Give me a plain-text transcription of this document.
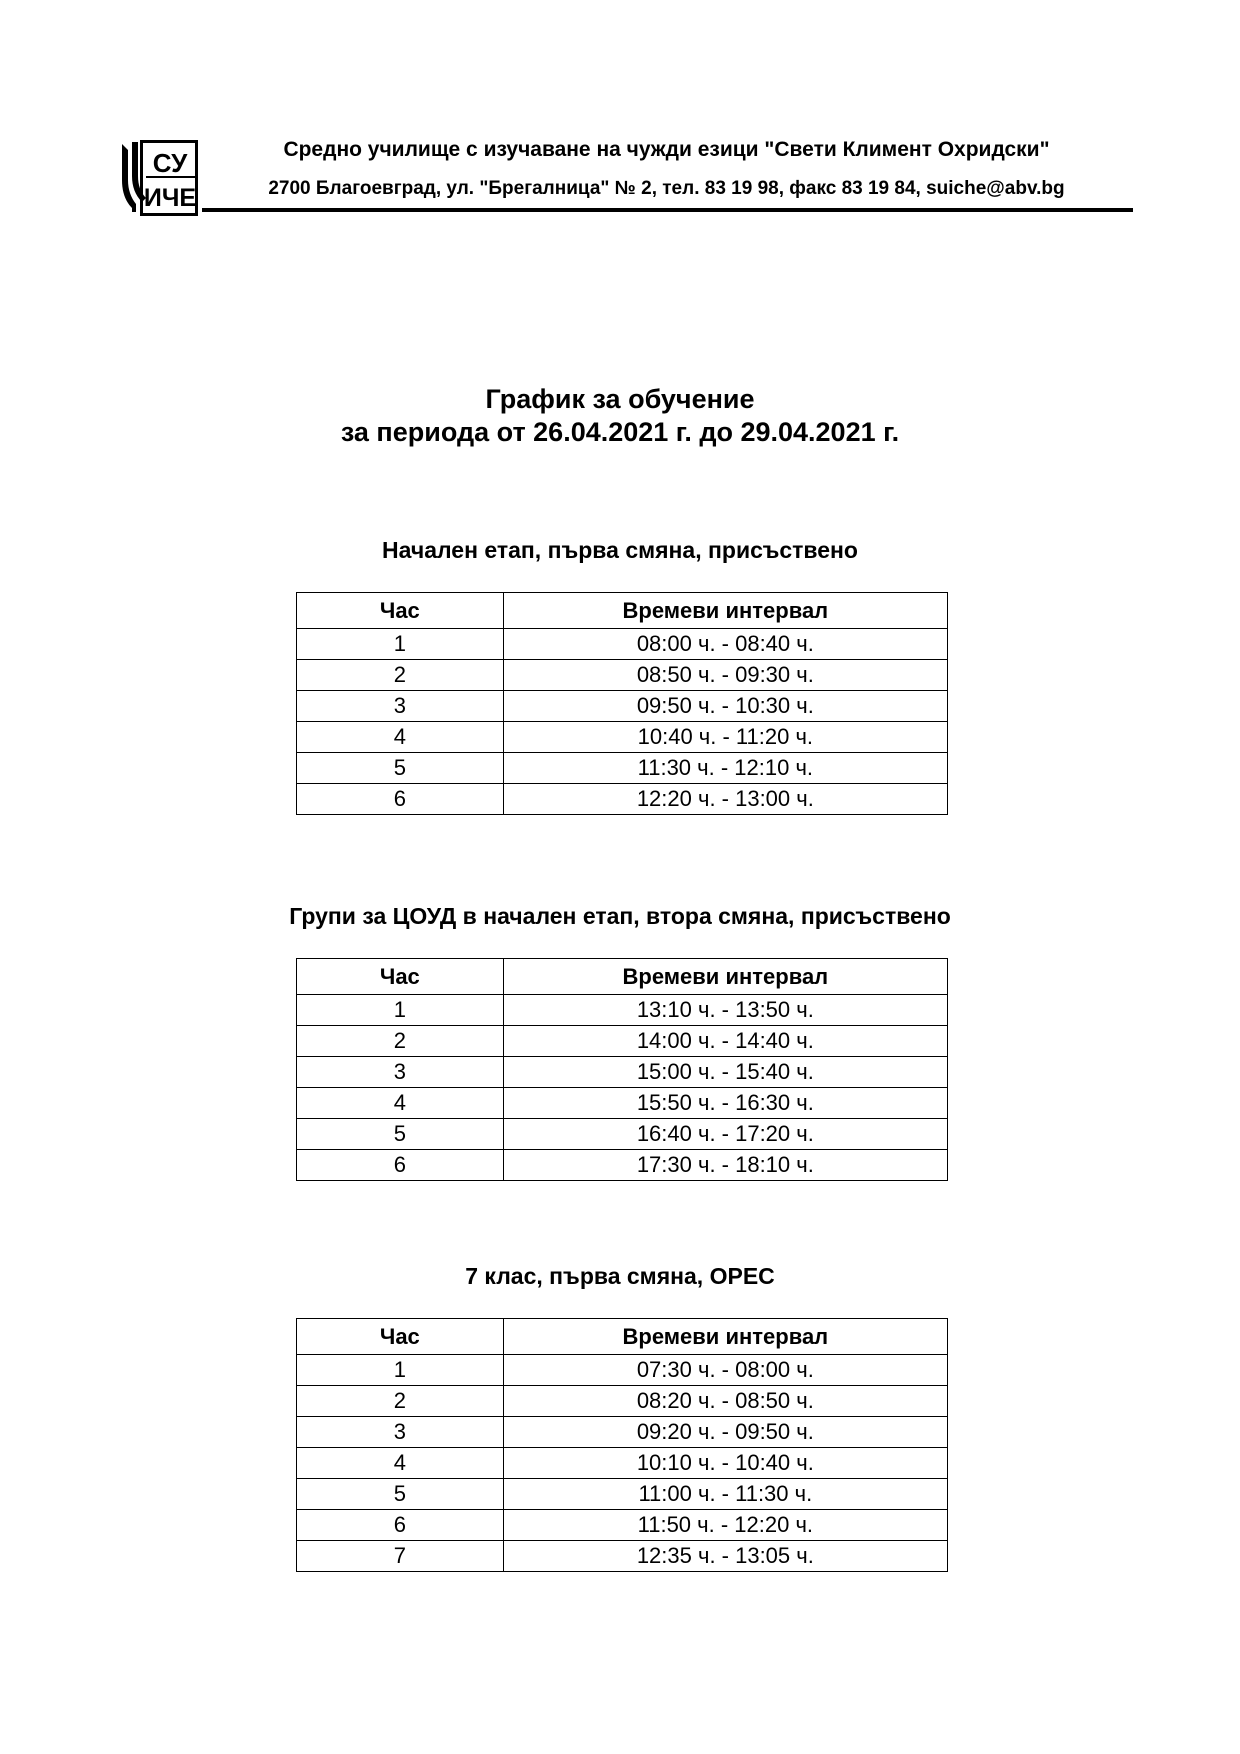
СУ
ИЧЕ
Средно училище с изучаване на чужди езици "Свети Климент Охридски"
2700 Благоевград, ул. "Брегалница" № 2, тел. 83 19 98, факс 83 19 84, suiche@abv.bg
График за обучение
за периода от 26.04.2021 г. до 29.04.2021 г.
Начален етап, първа смяна, присъствено
Час	Времеви интервал
1	08:00 ч. - 08:40 ч.
2	08:50 ч. - 09:30 ч.
3	09:50 ч. - 10:30 ч.
4	10:40 ч. - 11:20 ч.
5	11:30 ч. - 12:10 ч.
6	12:20 ч. - 13:00 ч.
Групи за ЦОУД в начален етап, втора смяна, присъствено
Час	Времеви интервал
1	13:10 ч. - 13:50 ч.
2	14:00 ч. - 14:40 ч.
3	15:00 ч. - 15:40 ч.
4	15:50 ч. - 16:30 ч.
5	16:40 ч. - 17:20 ч.
6	17:30 ч. - 18:10 ч.
7 клас, първа смяна, ОРЕС
Час	Времеви интервал
1	07:30 ч. - 08:00 ч.
2	08:20 ч. - 08:50 ч.
3	09:20 ч. - 09:50 ч.
4	10:10 ч. - 10:40 ч.
5	11:00 ч. - 11:30 ч.
6	11:50 ч. - 12:20 ч.
7	12:35 ч. - 13:05 ч.
